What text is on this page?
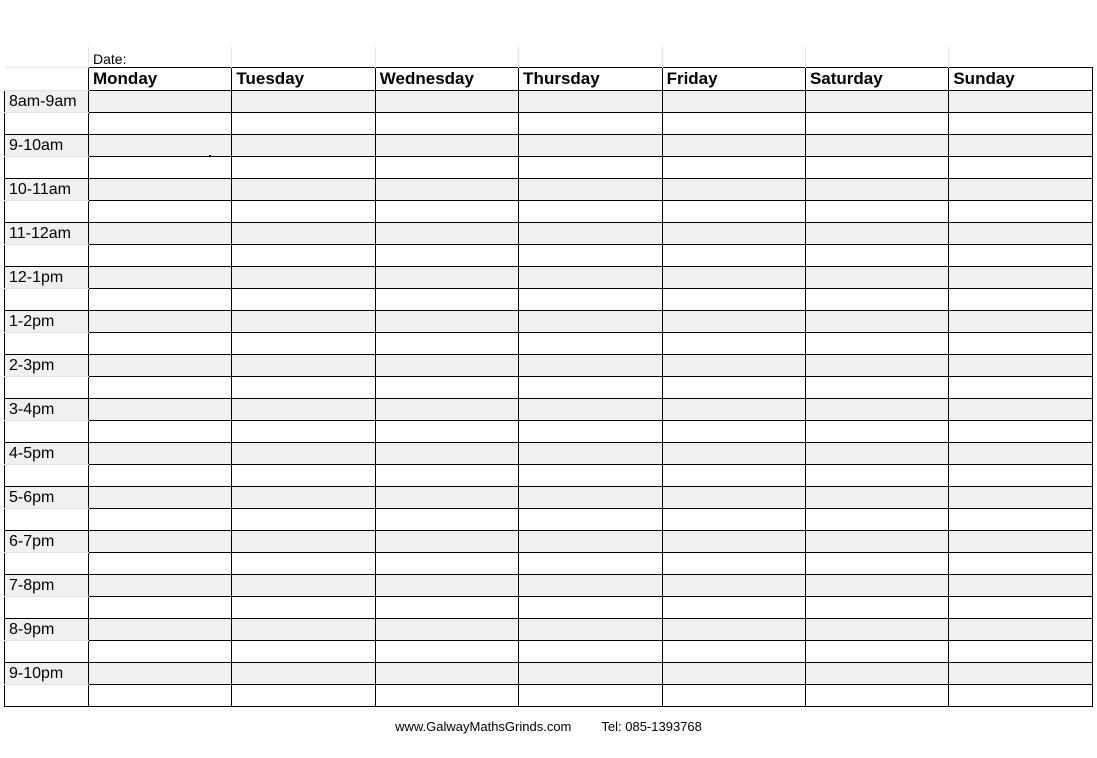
	Date:						
	Monday	Tuesday	Wednesday	Thursday	Friday	Saturday	Sunday
8am-9am							

9-10am							

10-11am							

11-12am							

12-1pm							

1-2pm							

2-3pm							

3-4pm							

4-5pm							

5-6pm							

6-7pm							

7-8pm							

8-9pm							

9-10pm							

www.GalwayMathsGrinds.com Tel: 085-1393768
